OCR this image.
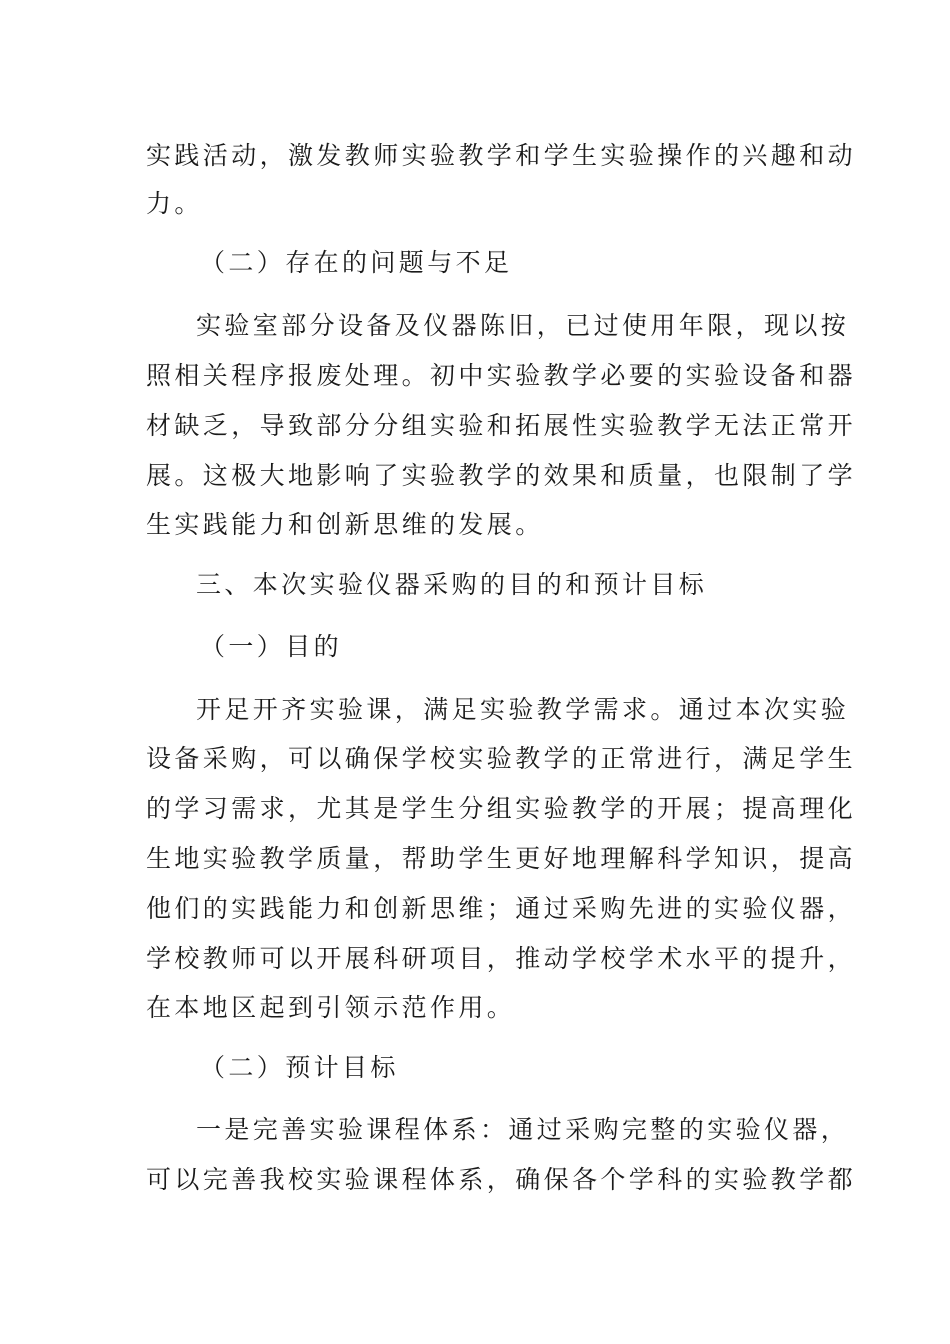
实践活动，激发教师实验教学和学生实验操作的兴趣和动

力。

（二）存在的问题与不足

实验室部分设备及仪器陈旧，已过使用年限，现以按

照相关程序报废处理。初中实验教学必要的实验设备和器

材缺乏，导致部分分组实验和拓展性实验教学无法正常开

展。这极大地影响了实验教学的效果和质量，也限制了学

生实践能力和创新思维的发展。

三、本次实验仪器采购的目的和预计目标

（一）目的

开足开齐实验课，满足实验教学需求。通过本次实验

设备采购，可以确保学校实验教学的正常进行，满足学生

的学习需求，尤其是学生分组实验教学的开展；提高理化

生地实验教学质量，帮助学生更好地理解科学知识，提高

他们的实践能力和创新思维；通过采购先进的实验仪器，

学校教师可以开展科研项目，推动学校学术水平的提升，

在本地区起到引领示范作用。

（二）预计目标

一是完善实验课程体系：通过采购完整的实验仪器，

可以完善我校实验课程体系，确保各个学科的实验教学都
